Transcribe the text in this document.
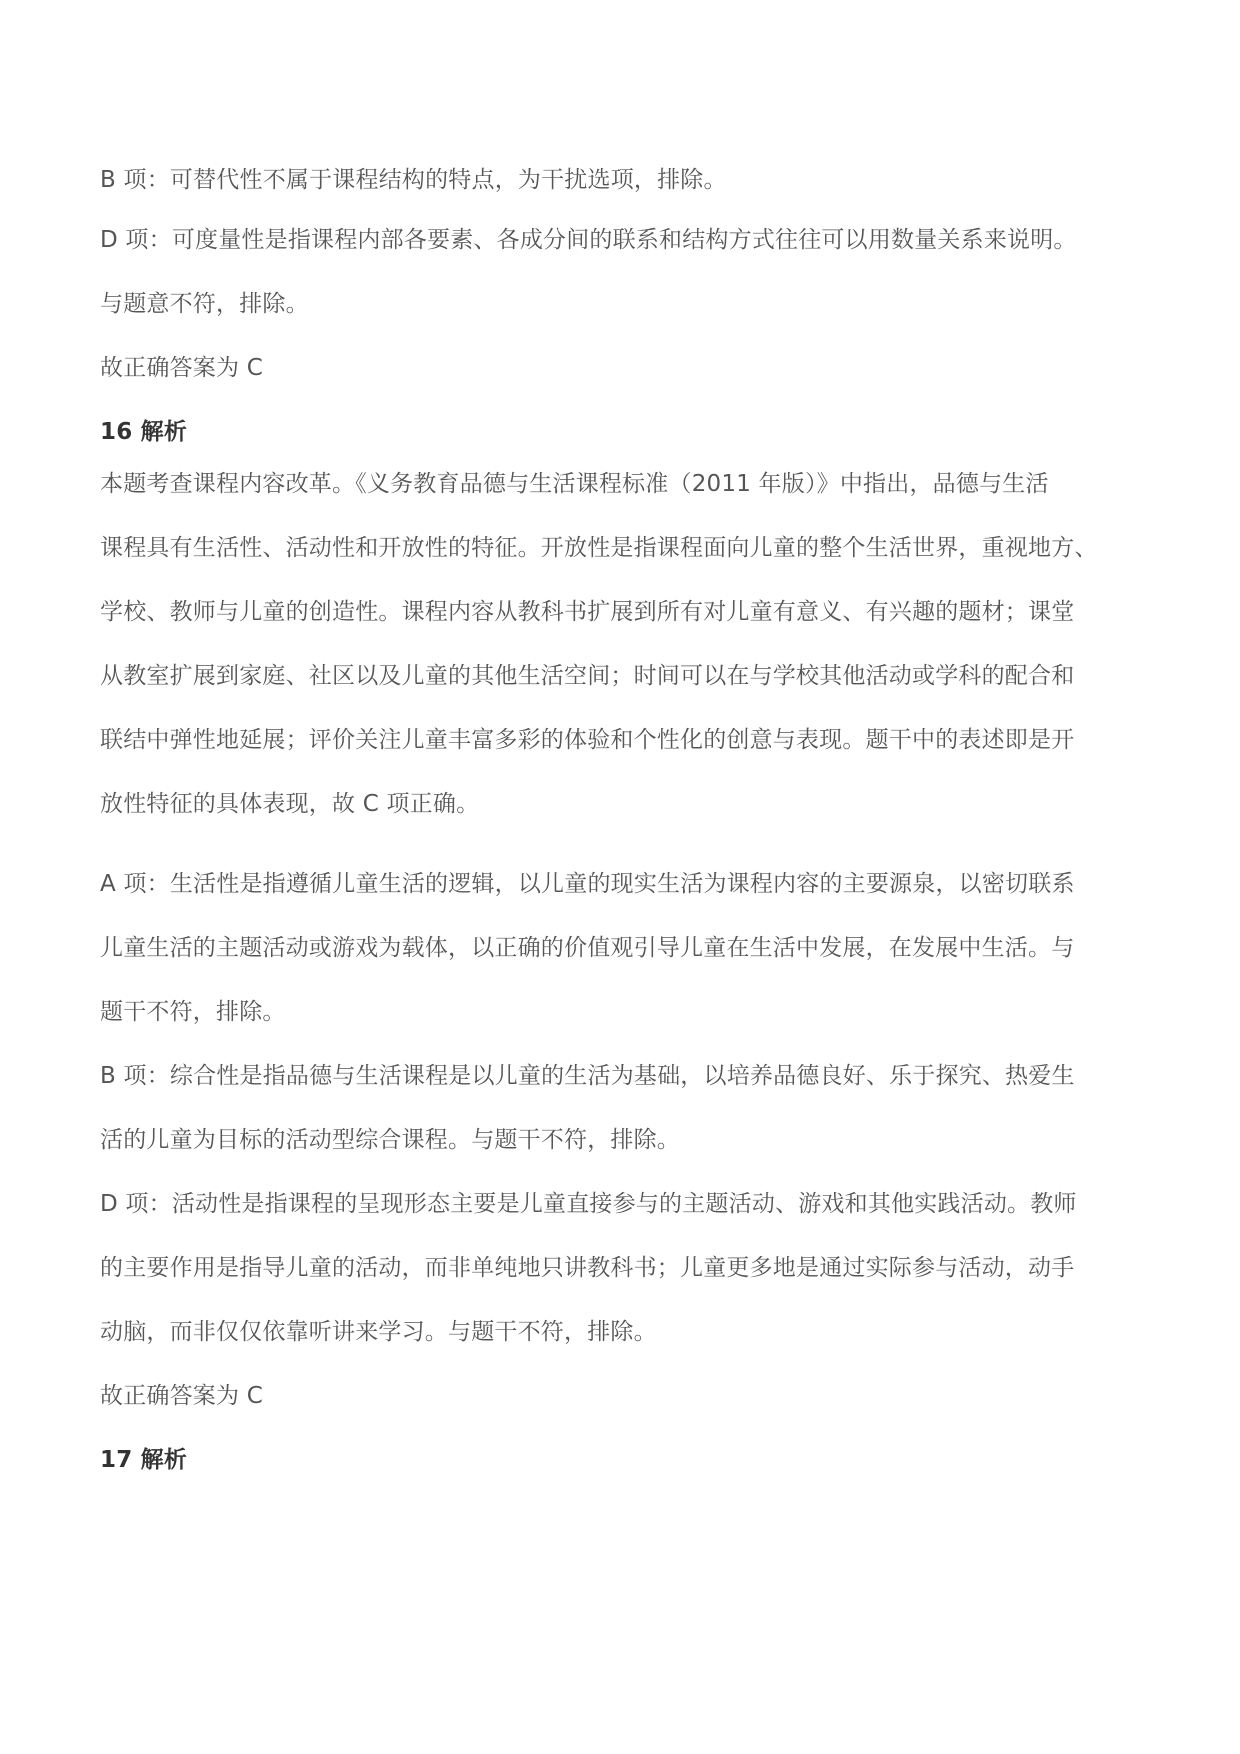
B 项：可替代性不属于课程结构的特点，为干扰选项，排除。

D 项：可度量性是指课程内部各要素、各成分间的联系和结构方式往往可以用数量关系来说明。

与题意不符，排除。

故正确答案为 C

16 解析

本题考查课程内容改革。《义务教育品德与生活课程标准（2011 年版）》中指出，品德与生活

课程具有生活性、活动性和开放性的特征。开放性是指课程面向儿童的整个生活世界，重视地方、

学校、教师与儿童的创造性。课程内容从教科书扩展到所有对儿童有意义、有兴趣的题材；课堂

从教室扩展到家庭、社区以及儿童的其他生活空间；时间可以在与学校其他活动或学科的配合和

联结中弹性地延展；评价关注儿童丰富多彩的体验和个性化的创意与表现。题干中的表述即是开

放性特征的具体表现，故 C 项正确。

A 项：生活性是指遵循儿童生活的逻辑，以儿童的现实生活为课程内容的主要源泉，以密切联系

儿童生活的主题活动或游戏为载体，以正确的价值观引导儿童在生活中发展，在发展中生活。与

题干不符，排除。

B 项：综合性是指品德与生活课程是以儿童的生活为基础，以培养品德良好、乐于探究、热爱生

活的儿童为目标的活动型综合课程。与题干不符，排除。

D 项：活动性是指课程的呈现形态主要是儿童直接参与的主题活动、游戏和其他实践活动。教师

的主要作用是指导儿童的活动，而非单纯地只讲教科书；儿童更多地是通过实际参与活动，动手

动脑，而非仅仅依靠听讲来学习。与题干不符，排除。

故正确答案为 C

17 解析
